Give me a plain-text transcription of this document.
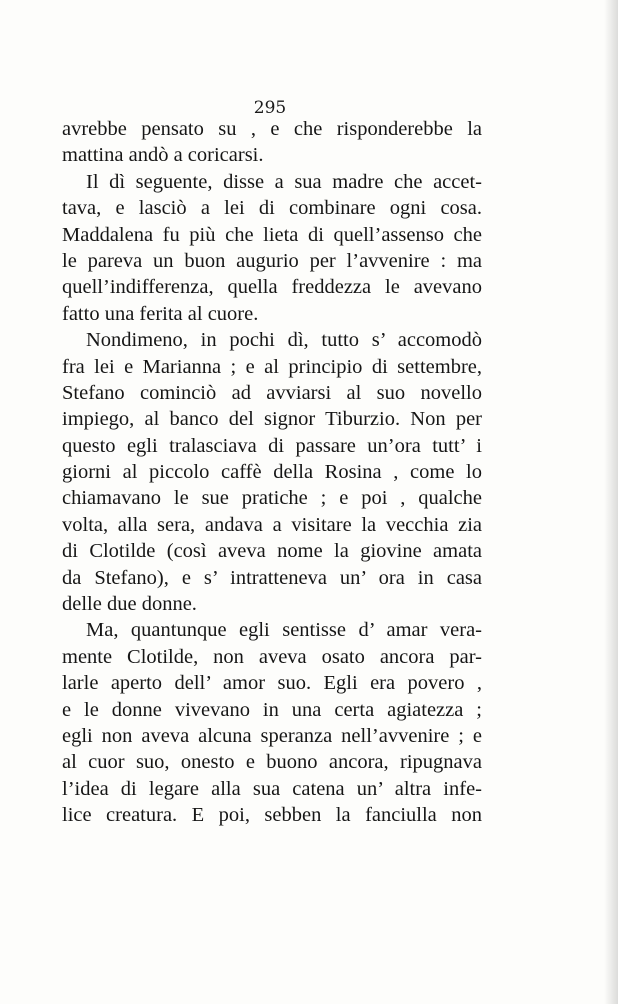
295
avrebbe pensato su , e che risponderebbe la
mattina andò a coricarsi.
Il dì seguente, disse a sua madre che accet-
tava, e lasciò a lei di combinare ogni cosa.
Maddalena fu più che lieta di quell’assenso che
le pareva un buon augurio per l’avvenire : ma
quell’indifferenza, quella freddezza le avevano
fatto una ferita al cuore.
Nondimeno, in pochi dì, tutto s’ accomodò
fra lei e Marianna ; e al principio di settembre,
Stefano cominciò ad avviarsi al suo novello
impiego, al banco del signor Tiburzio. Non per
questo egli tralasciava di passare un’ora tutt’ i
giorni al piccolo caffè della Rosina , come lo
chiamavano le sue pratiche ; e poi , qualche
volta, alla sera, andava a visitare la vecchia zia
di Clotilde (così aveva nome la giovine amata
da Stefano), e s’ intratteneva un’ ora in casa
delle due donne.
Ma, quantunque egli sentisse d’ amar vera-
mente Clotilde, non aveva osato ancora par-
larle aperto dell’ amor suo. Egli era povero ,
e le donne vivevano in una certa agiatezza ;
egli non aveva alcuna speranza nell’avvenire ; e
al cuor suo, onesto e buono ancora, ripugnava
l’idea di legare alla sua catena un’ altra infe-
lice creatura. E poi, sebben la fanciulla non
